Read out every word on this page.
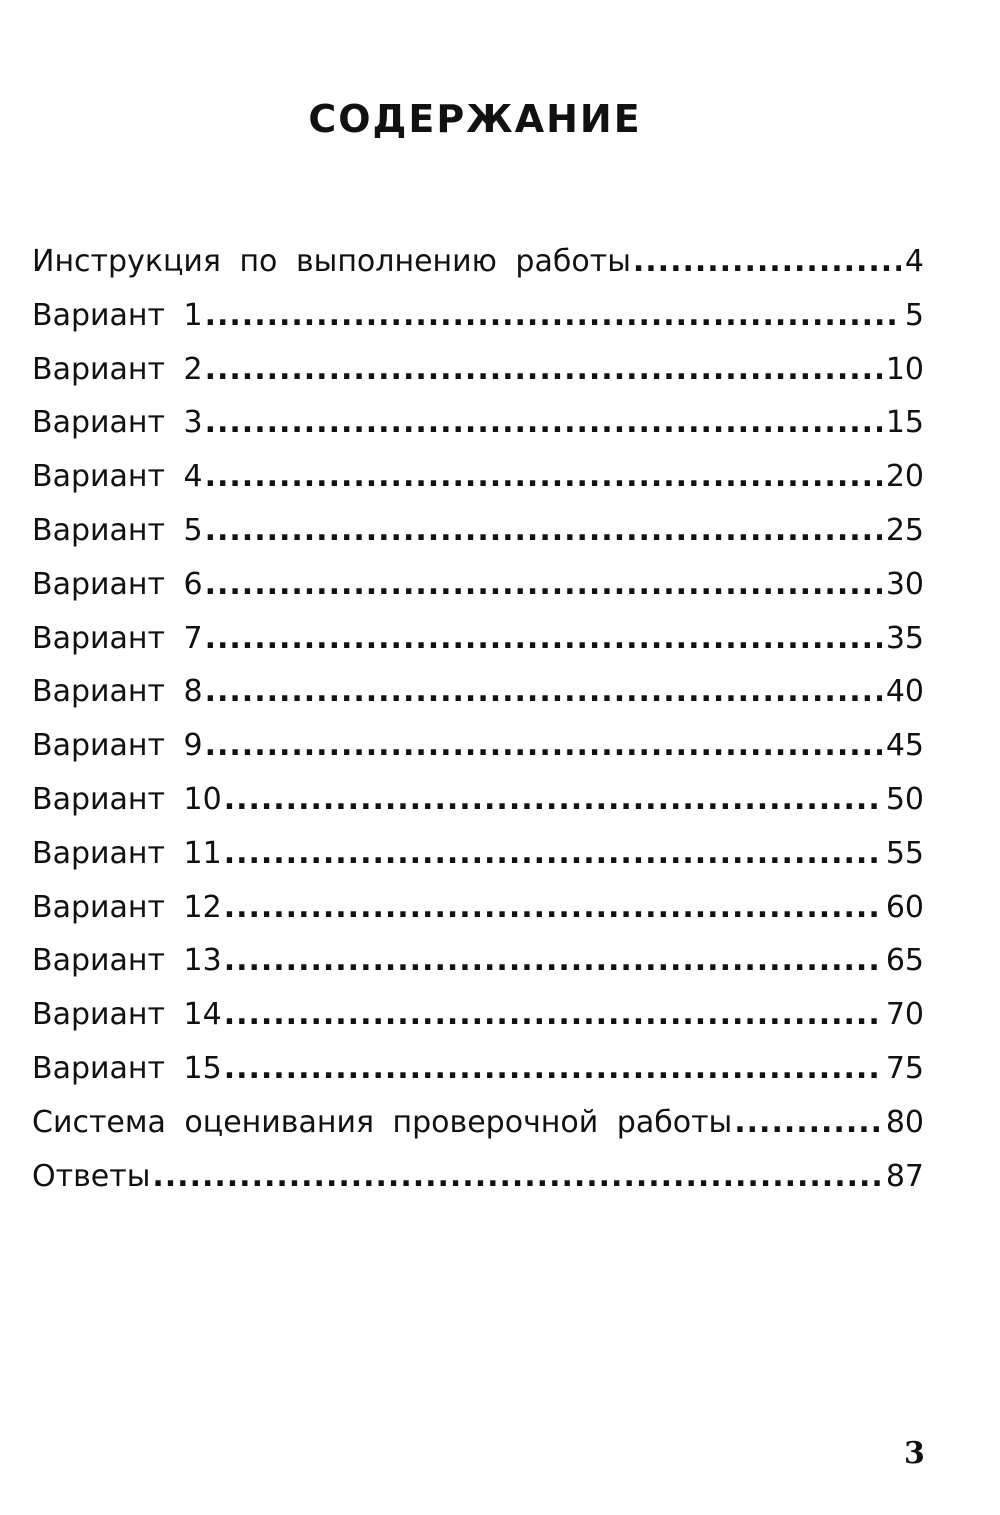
СОДЕРЖАНИЕ
Инструкция по выполнению работы .....	4
Вариант 1 .....	5
Вариант 2 .....	10
Вариант 3 .....	15
Вариант 4 .....	20
Вариант 5 .....	25
Вариант 6 .....	30
Вариант 7 .....	35
Вариант 8 .....	40
Вариант 9 .....	45
Вариант 10 .....	50
Вариант 11 .....	55
Вариант 12 .....	60
Вариант 13 .....	65
Вариант 14 .....	70
Вариант 15 .....	75
Система оценивания проверочной работы .....	80
Ответы .....	87
3
